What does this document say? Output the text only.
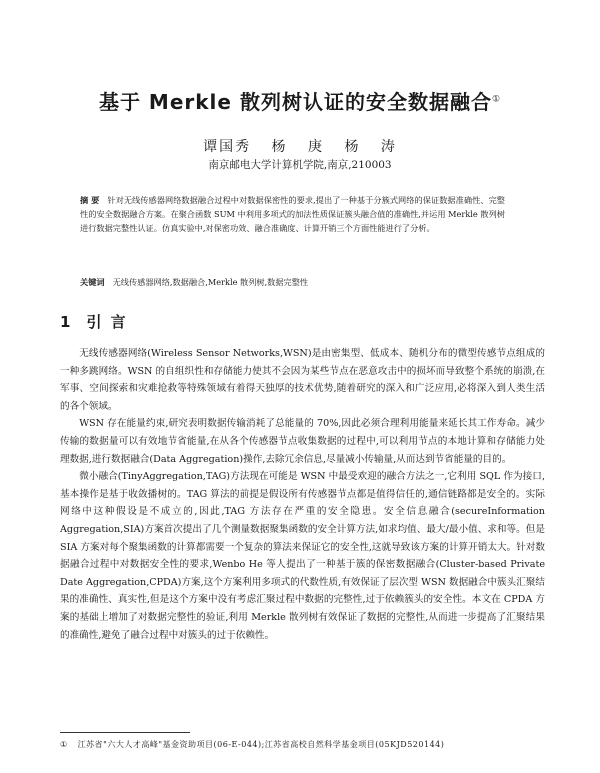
基于 Merkle 散列树认证的安全数据融合①
谭国秀 杨 庚 杨 涛
南京邮电大学计算机学院,南京,210003
摘 要 针对无线传感器网络数据融合过程中对数据保密性的要求,提出了一种基于分簇式网络的保证数据准确性、完整性的安全数据融合方案。在聚合函数 SUM 中利用多项式的加法性质保证簇头融合值的准确性,并运用 Merkle 散列树进行数据完整性认证。仿真实验中,对保密功效、融合准确度、计算开销三个方面性能进行了分析。
关键词 无线传感器网络,数据融合,Merkle 散列树,数据完整性
1 引 言

无线传感器网络(Wireless Sensor Networks,WSN)是由密集型、低成本、随机分布的微型传感节点组成的一种多跳网络。WSN 的自组织性和存储能力使其不会因为某些节点在恶意攻击中的损坏而导致整个系统的崩溃,在军事、空间探索和灾难抢救等特殊领域有着得天独厚的技术优势,随着研究的深入和广泛应用,必将深入到人类生活的各个领域。

WSN 存在能量约束,研究表明数据传输消耗了总能量的 70%,因此必须合理利用能量来延长其工作寿命。减少传输的数据量可以有效地节省能量,在从各个传感器节点收集数据的过程中,可以利用节点的本地计算和存储能力处理数据,进行数据融合(Data Aggregation)操作,去除冗余信息,尽量减小传输量,从而达到节省能量的目的。

微小融合(TinyAggregation,TAG)方法现在可能是 WSN 中最受欢迎的融合方法之一,它利用 SQL 作为接口,基本操作是基于收敛播树的。TAG 算法的前提是假设所有传感器节点都是值得信任的,通信链路都是安全的。实际网络中这种假设是不成立的,因此,TAG 方法存在严重的安全隐患。安全信息融合(secureInformation Aggregation,SIA)方案首次提出了几个测量数据聚集函数的安全计算方法,如求均值、最大/最小值、求和等。但是 SIA 方案对每个聚集函数的计算都需要一个复杂的算法来保证它的安全性,这就导致该方案的计算开销太大。针对数据融合过程中对数据安全性的要求,Wenbo He 等人提出了一种基于簇的保密数据融合(Cluster-based Private Date Aggregation,CPDA)方案,这个方案利用多项式的代数性质,有效保证了层次型 WSN 数据融合中簇头汇聚结果的准确性、真实性,但是这个方案中没有考虑汇聚过程中数据的完整性,过于依赖簇头的安全性。本文在 CPDA 方案的基础上增加了对数据完整性的验证,利用 Merkle 散列树有效保证了数据的完整性,从而进一步提高了汇聚结果的准确性,避免了融合过程中对簇头的过于依赖性。

① 江苏省"六大人才高峰"基金资助项目(06-E-044);江苏省高校自然科学基金项目(05KJD520144)
